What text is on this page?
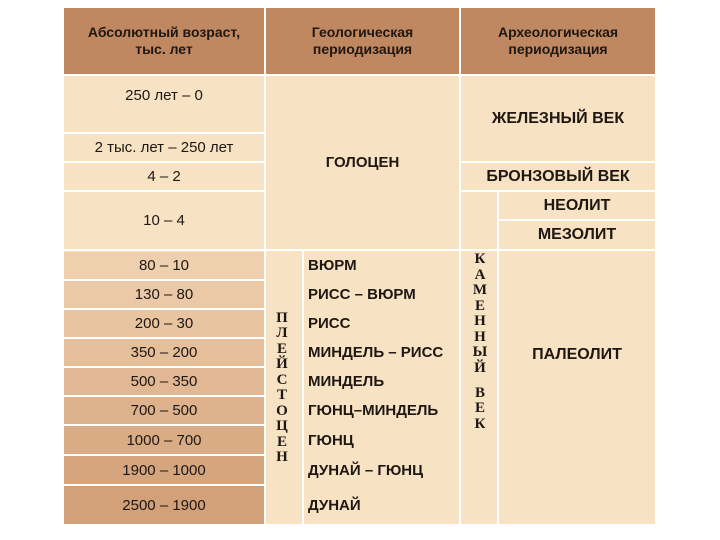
Абсолютный возраст,
тыс. лет
Геологическая
периодизация
Археологическая
периодизация
250 лет – 0
2 тыс. лет – 250 лет
4 – 2
10 – 4
80 – 10
130 – 80
200 – 30
350 – 200
500 – 350
700 – 500
1000 – 700
1900 – 1000
2500 – 1900
ГОЛОЦЕН
П
Л
Е
Й
С
Т
О
Ц
Е
Н
ВЮРМ
РИСС – ВЮРМ
РИСС
МИНДЕЛЬ – РИСС
МИНДЕЛЬ
ГЮНЦ–МИНДЕЛЬ
ГЮНЦ
ДУНАЙ – ГЮНЦ
ДУНАЙ
ЖЕЛЕЗНЫЙ ВЕК
БРОНЗОВЫЙ ВЕК
К
А
М
Е
Н
Н
Ы
Й
В
Е
К
НЕОЛИТ
МЕЗОЛИТ
ПАЛЕОЛИТ
